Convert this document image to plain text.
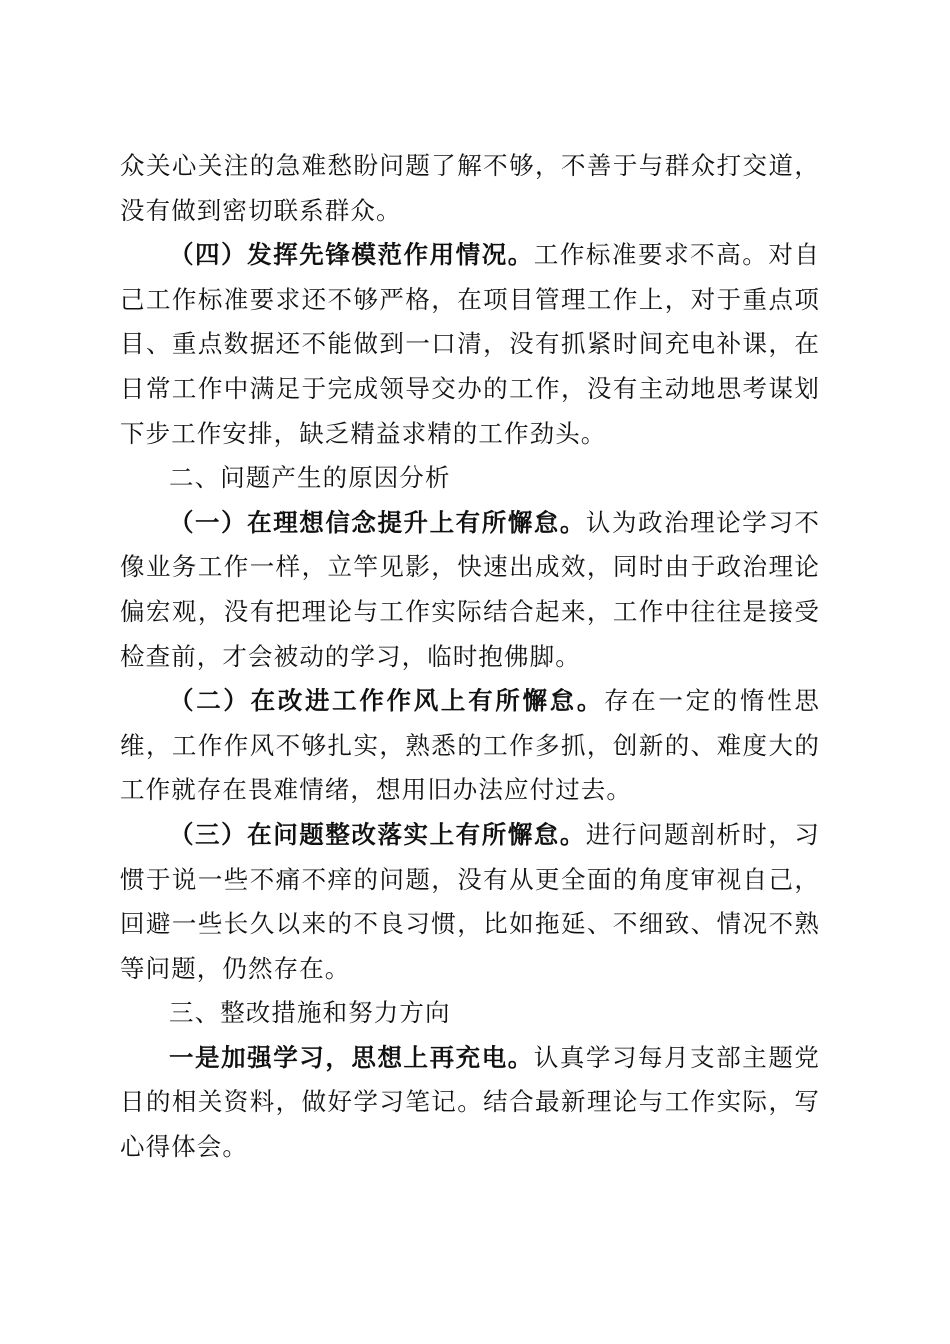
众关心关注的急难愁盼问题了解不够，不善于与群众打交道，没有做到密切联系群众。

（四）发挥先锋模范作用情况。工作标准要求不高。对自己工作标准要求还不够严格，在项目管理工作上，对于重点项目、重点数据还不能做到一口清，没有抓紧时间充电补课，在日常工作中满足于完成领导交办的工作，没有主动地思考谋划下步工作安排，缺乏精益求精的工作劲头。

二、问题产生的原因分析

（一）在理想信念提升上有所懈怠。认为政治理论学习不像业务工作一样，立竿见影，快速出成效，同时由于政治理论偏宏观，没有把理论与工作实际结合起来，工作中往往是接受检查前，才会被动的学习，临时抱佛脚。

（二）在改进工作作风上有所懈怠。存在一定的惰性思维，工作作风不够扎实，熟悉的工作多抓，创新的、难度大的工作就存在畏难情绪，想用旧办法应付过去。

（三）在问题整改落实上有所懈怠。进行问题剖析时，习惯于说一些不痛不痒的问题，没有从更全面的角度审视自己，回避一些长久以来的不良习惯，比如拖延、不细致、情况不熟等问题，仍然存在。

三、整改措施和努力方向

一是加强学习，思想上再充电。认真学习每月支部主题党日的相关资料，做好学习笔记。结合最新理论与工作实际，写心得体会。
